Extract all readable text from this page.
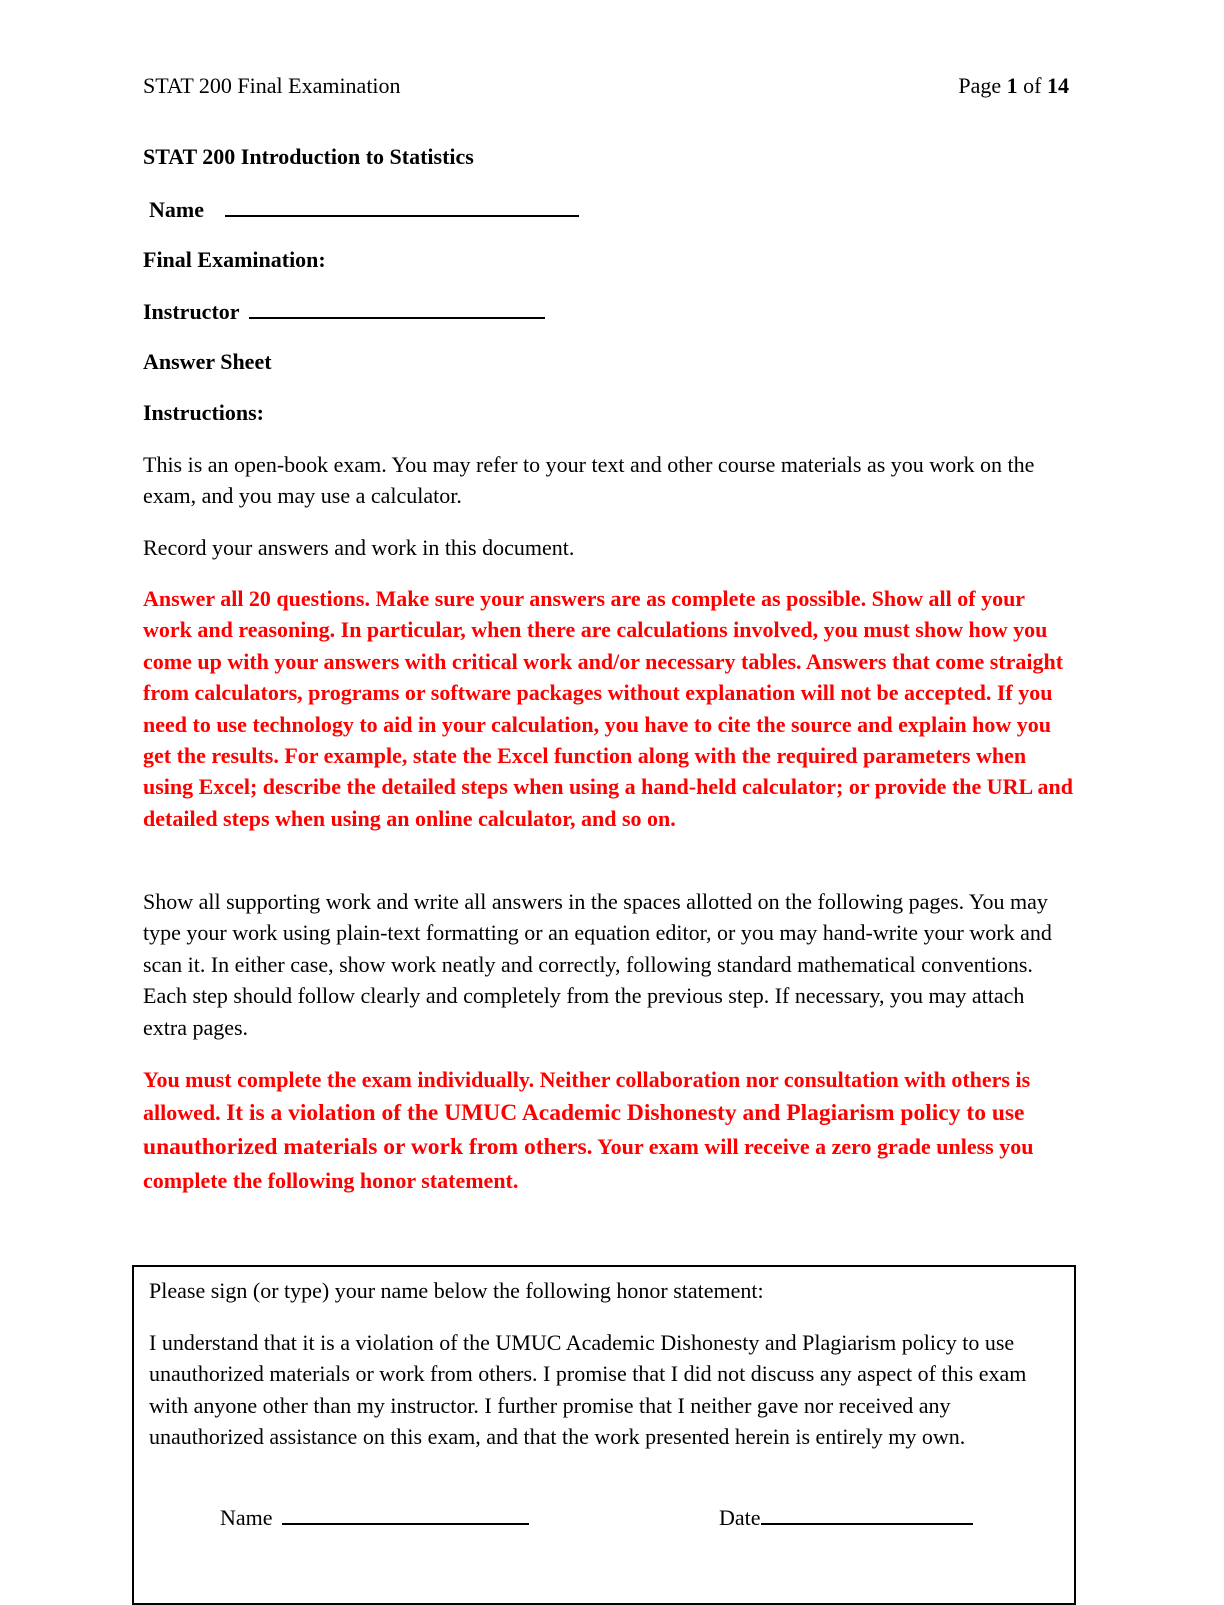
STAT 200 Final Examination	Page 1 of 14
STAT 200 Introduction to Statistics
Name
Final Examination:
Instructor
Answer Sheet
Instructions:
This is an open-book exam. You may refer to your text and other course materials as you work on the exam, and you may use a calculator.
Record your answers and work in this document.
Answer all 20 questions. Make sure your answers are as complete as possible. Show all of your work and reasoning. In particular, when there are calculations involved, you must show how you come up with your answers with critical work and/or necessary tables. Answers that come straight from calculators, programs or software packages without explanation will not be accepted. If you need to use technology to aid in your calculation, you have to cite the source and explain how you get the results. For example, state the Excel function along with the required parameters when using Excel; describe the detailed steps when using a hand-held calculator; or provide the URL and detailed steps when using an online calculator, and so on.
Show all supporting work and write all answers in the spaces allotted on the following pages. You may type your work using plain-text formatting or an equation editor, or you may hand-write your work and scan it. In either case, show work neatly and correctly, following standard mathematical conventions. Each step should follow clearly and completely from the previous step. If necessary, you may attach extra pages.
You must complete the exam individually. Neither collaboration nor consultation with others is allowed. It is a violation of the UMUC Academic Dishonesty and Plagiarism policy to use unauthorized materials or work from others. Your exam will receive a zero grade unless you complete the following honor statement.
Please sign (or type) your name below the following honor statement:
I understand that it is a violation of the UMUC Academic Dishonesty and Plagiarism policy to use unauthorized materials or work from others. I promise that I did not discuss any aspect of this exam with anyone other than my instructor. I further promise that I neither gave nor received any unauthorized assistance on this exam, and that the work presented herein is entirely my own.
Name	Date
